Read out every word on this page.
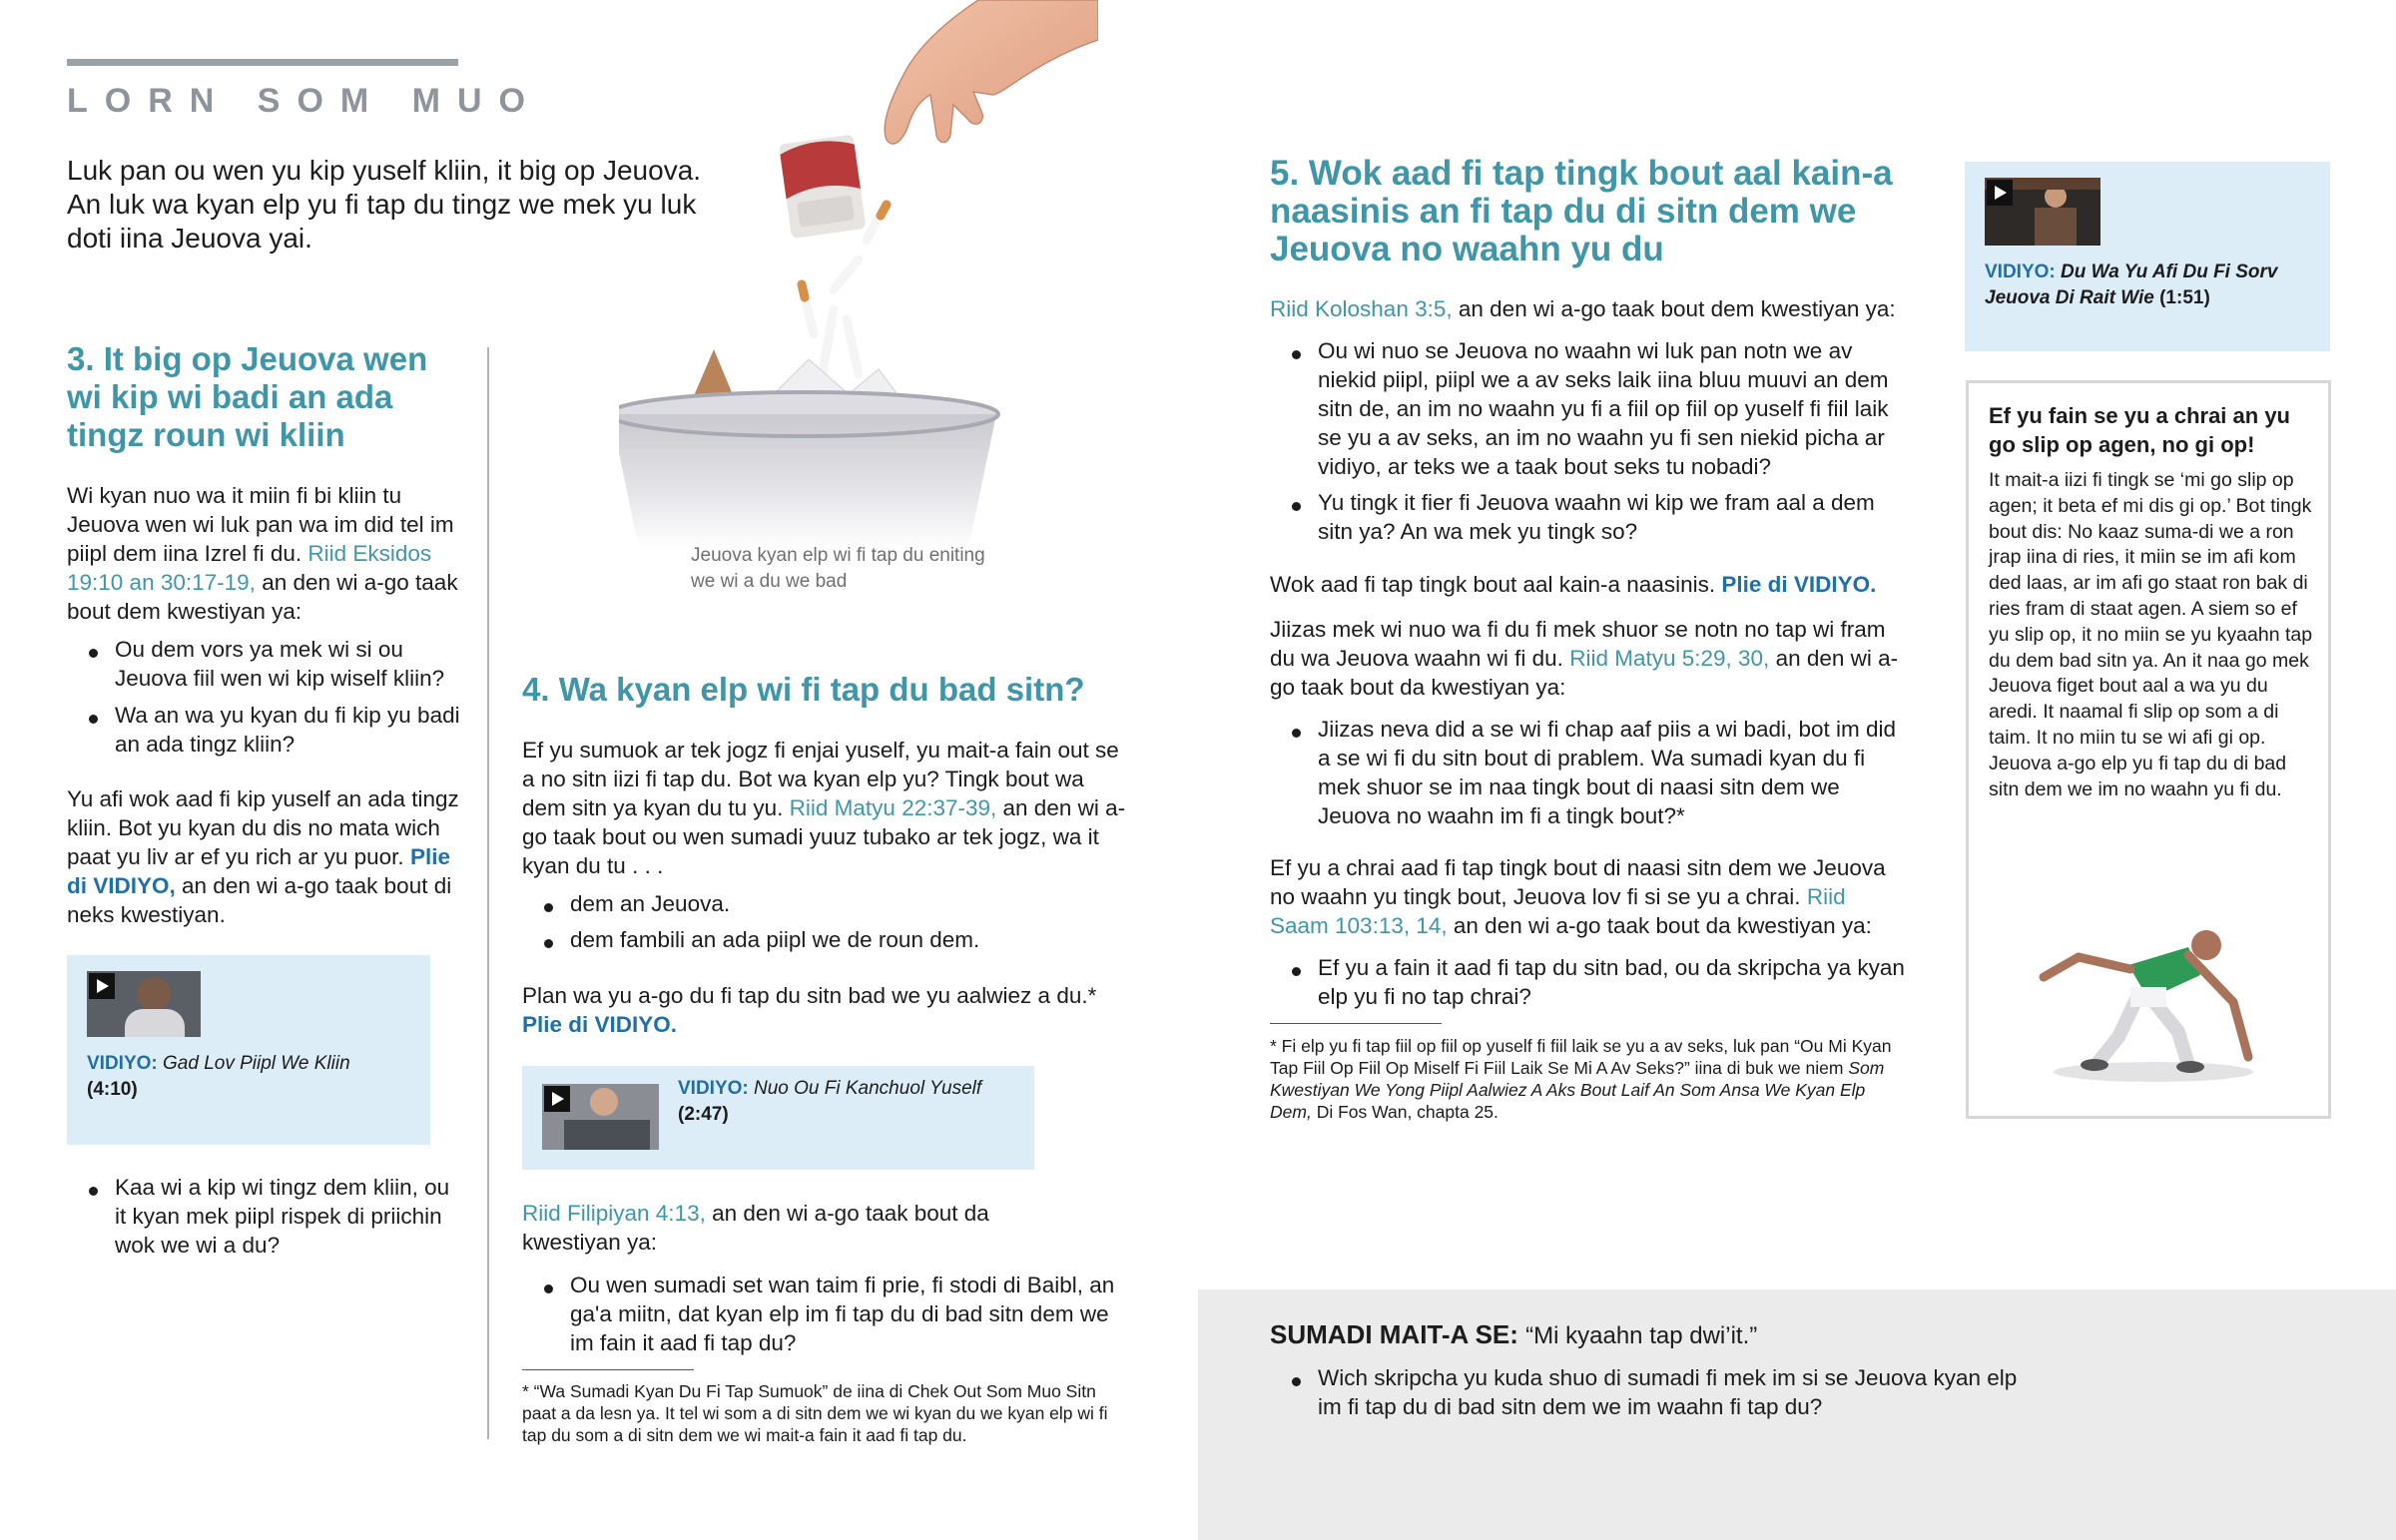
LORN SOM MUO

Luk pan ou wen yu kip yuself kliin, it big op Jeuova. An luk wa kyan elp yu fi tap du tingz we mek yu luk doti iina Jeuova yai.

Jeuova kyan elp wi fi tap du eniting we wi a du we bad

3. It big op Jeuova wen wi kip wi badi an ada tingz roun wi kliin

Wi kyan nuo wa it miin fi bi kliin tu Jeuova wen wi luk pan wa im did tel im piipl dem iina Izrel fi du. Riid Eksidos 19:10 an 30:17-19, an den wi a-go taak bout dem kwestiyan ya:

Ou dem vors ya mek wi si ou Jeuova fiil wen wi kip wiself kliin?
Wa an wa yu kyan du fi kip yu badi an ada tingz kliin?

Yu afi wok aad fi kip yuself an ada tingz kliin. Bot yu kyan du dis no mata wich paat yu liv ar ef yu rich ar yu puor. Plie di VIDIYO, an den wi a-go taak bout di neks kwestiyan.

VIDIYO: Gad Lov Piipl We Kliin
(4:10)
Kaa wi a kip wi tingz dem kliin, ou it kyan mek piipl rispek di priichin wok we wi a du?
4. Wa kyan elp wi fi tap du bad sitn?

Ef yu sumuok ar tek jogz fi enjai yuself, yu mait-a fain out se a no sitn iizi fi tap du. Bot wa kyan elp yu? Tingk bout wa dem sitn ya kyan du tu yu. Riid Matyu 22:37-39, an den wi a-go taak bout ou wen sumadi yuuz tubako ar tek jogz, wa it kyan du tu . . .

dem an Jeuova.
dem fambili an ada piipl we de roun dem.

Plan wa yu a-go du fi tap du sitn bad we yu aalwiez a du.*
Plie di VIDIYO.

VIDIYO: Nuo Ou Fi Kanchuol Yuself
(2:47)

Riid Filipiyan 4:13, an den wi a-go taak bout da kwestiyan ya:

Ou wen sumadi set wan taim fi prie, fi stodi di Baibl, an ga'a miitn, dat kyan elp im fi tap du di bad sitn dem we im fain it aad fi tap du?

* “Wa Sumadi Kyan Du Fi Tap Sumuok” de iina di Chek Out Som Muo Sitn paat a da lesn ya. It tel wi som a di sitn dem we wi kyan du we kyan elp wi fi tap du som a di sitn dem we wi mait-a fain it aad fi tap du.

5. Wok aad fi tap tingk bout aal kain-a naasinis an fi tap du di sitn dem we Jeuova no waahn yu du

Riid Koloshan 3:5, an den wi a-go taak bout dem kwestiyan ya:

Ou wi nuo se Jeuova no waahn wi luk pan notn we av niekid piipl, piipl we a av seks laik iina bluu muuvi an dem sitn de, an im no waahn yu fi a fiil op fiil op yuself fi fiil laik se yu a av seks, an im no waahn yu fi sen niekid picha ar vidiyo, ar teks we a taak bout seks tu nobadi?
Yu tingk it fier fi Jeuova waahn wi kip we fram aal a dem sitn ya? An wa mek yu tingk so?

Wok aad fi tap tingk bout aal kain-a naasinis. Plie di VIDIYO.

Jiizas mek wi nuo wa fi du fi mek shuor se notn no tap wi fram du wa Jeuova waahn wi fi du. Riid Matyu 5:29, 30, an den wi a-go taak bout da kwestiyan ya:

Jiizas neva did a se wi fi chap aaf piis a wi badi, bot im did a se wi fi du sitn bout di prablem. Wa sumadi kyan du fi mek shuor se im naa tingk bout di naasi sitn dem we Jeuova no waahn im fi a tingk bout?*

Ef yu a chrai aad fi tap tingk bout di naasi sitn dem we Jeuova no waahn yu tingk bout, Jeuova lov fi si se yu a chrai. Riid Saam 103:13, 14, an den wi a-go taak bout da kwestiyan ya:

Ef yu a fain it aad fi tap du sitn bad, ou da skripcha ya kyan elp yu fi no tap chrai?

* Fi elp yu fi tap fiil op fiil op yuself fi fiil laik se yu a av seks, luk pan “Ou Mi Kyan Tap Fiil Op Fiil Op Miself Fi Fiil Laik Se Mi A Av Seks?” iina di buk we niem Som Kwestiyan We Yong Piipl Aalwiez A Aks Bout Laif An Som Ansa We Kyan Elp Dem, Di Fos Wan, chapta 25.

VIDIYO: Du Wa Yu Afi Du Fi Sorv Jeuova Di Rait Wie (1:51)

Ef yu fain se yu a chrai an yu go slip op agen, no gi op!

It mait-a iizi fi tingk se ‘mi go slip op agen; it beta ef mi dis gi op.’ Bot tingk bout dis: No kaaz suma-di we a ron jrap iina di ries, it miin se im afi kom ded laas, ar im afi go staat ron bak di ries fram di staat agen. A siem so ef yu slip op, it no miin se yu kyaahn tap du dem bad sitn ya. An it naa go mek Jeuova figet bout aal a wa yu du aredi. It naamal fi slip op som a di taim. It no miin tu se wi afi gi op. Jeuova a-go elp yu fi tap du di bad sitn dem we im no waahn yu fi du.

SUMADI MAIT-A SE: “Mi kyaahn tap dwi’it.”

Wich skripcha yu kuda shuo di sumadi fi mek im si se Jeuova kyan elp im fi tap du di bad sitn dem we im waahn fi tap du?
